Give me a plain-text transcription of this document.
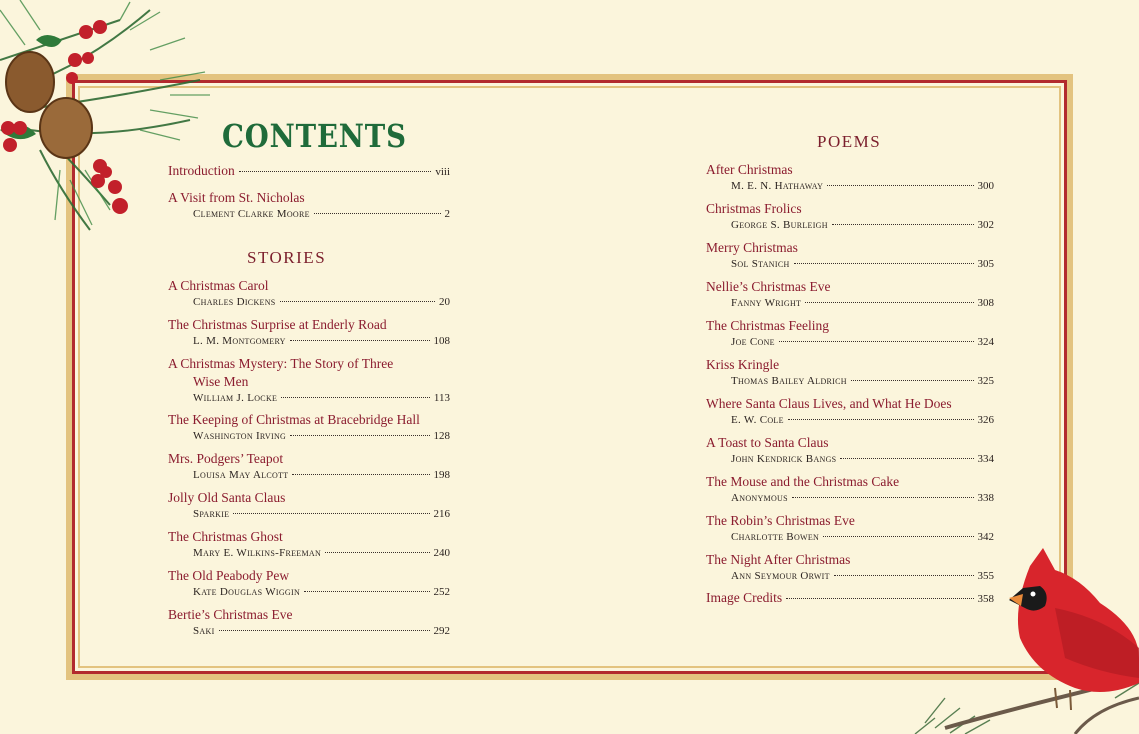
CONTENTS
Introduction	viii
A Visit from St. Nicholas
Clement Clarke Moore	2
STORIES
A Christmas Carol
Charles Dickens	20
The Christmas Surprise at Enderly Road
L. M. Montgomery	108
A Christmas Mystery: The Story of Three
Wise Men
William J. Locke	113
The Keeping of Christmas at Bracebridge Hall
Washington Irving	128
Mrs. Podgers’ Teapot
Louisa May Alcott	198
Jolly Old Santa Claus
Sparkie	216
The Christmas Ghost
Mary E. Wilkins-Freeman	240
The Old Peabody Pew
Kate Douglas Wiggin	252
Bertie’s Christmas Eve
Saki	292
POEMS
After Christmas
M. E. N. Hathaway	300
Christmas Frolics
George S. Burleigh	302
Merry Christmas
Sol Stanich	305
Nellie’s Christmas Eve
Fanny Wright	308
The Christmas Feeling
Joe Cone	324
Kriss Kringle
Thomas Bailey Aldrich	325
Where Santa Claus Lives, and What He Does
E. W. Cole	326
A Toast to Santa Claus
John Kendrick Bangs	334
The Mouse and the Christmas Cake
Anonymous	338
The Robin’s Christmas Eve
Charlotte Bowen	342
The Night After Christmas
Ann Seymour Orwit	355
Image Credits	358
